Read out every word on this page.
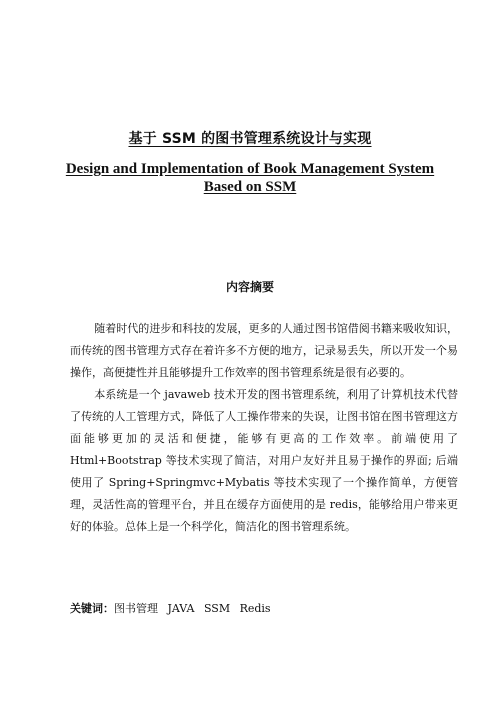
基于 SSM 的图书管理系统设计与实现
Design and Implementation of Book Management System
Based on SSM
内容摘要

随着时代的进步和科技的发展，更多的人通过图书馆借阅书籍来吸收知识，而传统的图书管理方式存在着许多不方便的地方，记录易丢失，所以开发一个易操作，高便捷性并且能够提升工作效率的图书管理系统是很有必要的。

本系统是一个 javaweb 技术开发的图书管理系统，利用了计算机技术代替了传统的人工管理方式，降低了人工操作带来的失误，让图书馆在图书管理这方面能够更加的灵活和便捷，能够有更高的工作效率。前端使用了 Html+Bootstrap 等技术实现了简洁，对用户友好并且易于操作的界面; 后端使用了 Spring+Springmvc+Mybatis 等技术实现了一个操作简单，方便管理，灵活性高的管理平台，并且在缓存方面使用的是 redis，能够给用户带来更好的体验。总体上是一个科学化，简洁化的图书管理系统。

关键词：图书管理 JAVA SSM Redis
